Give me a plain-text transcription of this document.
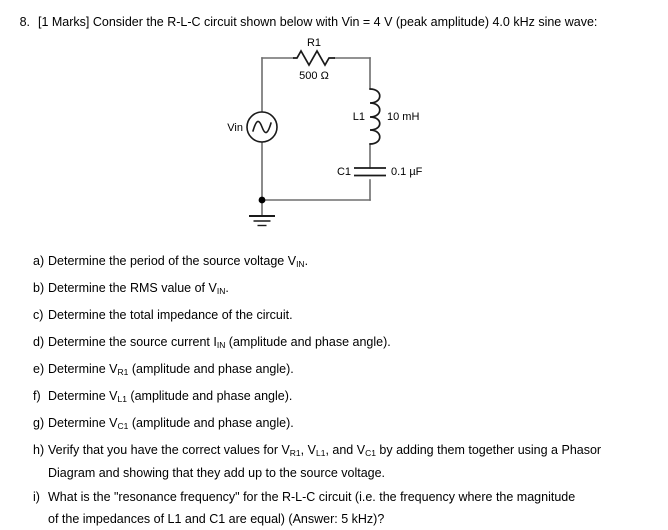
8. [1 Marks] Consider the R-L-C circuit shown below with Vin = 4 V (peak amplitude) 4.0 kHz sine wave:
R1
500 Ω
L1 10 mH
C1	0.1 µF
Vin
a) Determine the period of the source voltage $V_{IN}$.
b) Determine the RMS value of $V_{IN}$.
c) Determine the total impedance of the circuit.
d) Determine the source current $I_{IN}$ (amplitude and phase angle).
e) Determine $V_{R1}$ (amplitude and phase angle).
f) Determine $V_{L1}$ (amplitude and phase angle).
g) Determine $V_{C1}$ (amplitude and phase angle).
h) Verify that you have the correct values for $V_{R1}$, $V_{L1}$, and $V_{C1}$ by adding them together using a Phasor
Diagram and showing that they add up to the source voltage.
i) What is the "resonance frequency" for the R-L-C circuit (i.e. the frequency where the magnitude
of the impedances of L1 and C1 are equal) (Answer: 5 kHz)?
